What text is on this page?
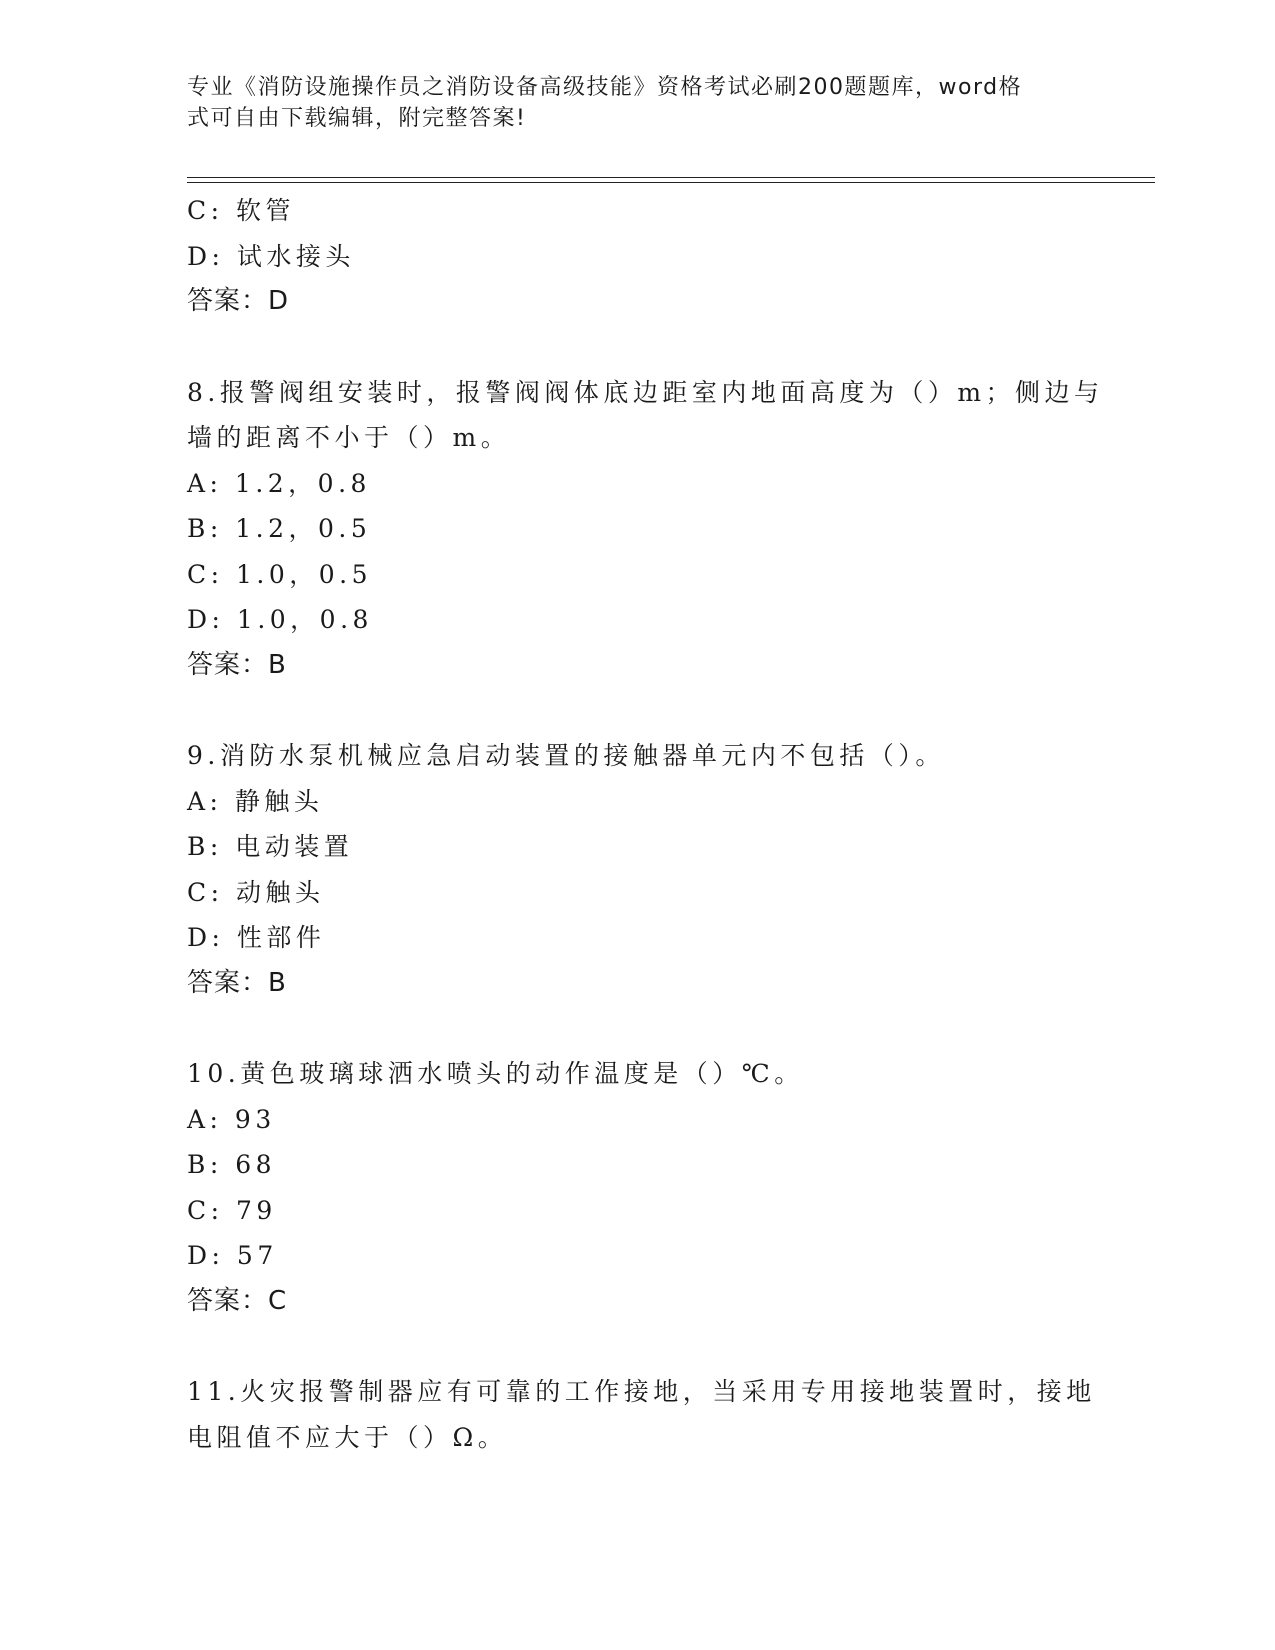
专业《消防设施操作员之消防设备高级技能》资格考试必刷200题题库，word格
式可自由下载编辑，附完整答案!
C: 软管
D: 试水接头
答案：D
8.报警阀组安装时，报警阀阀体底边距室内地面高度为（）m；侧边与
墙的距离不小于（）m。
A: 1.2，0.8
B: 1.2，0.5
C: 1.0，0.5
D: 1.0，0.8
答案：B
9.消防水泵机械应急启动装置的接触器单元内不包括（）。
A: 静触头
B: 电动装置
C: 动触头
D: 性部件
答案：B
10.黄色玻璃球洒水喷头的动作温度是（）℃。
A: 93
B: 68
C: 79
D: 57
答案：C
11.火灾报警制器应有可靠的工作接地，当采用专用接地装置时，接地
电阻值不应大于（）Ω。
